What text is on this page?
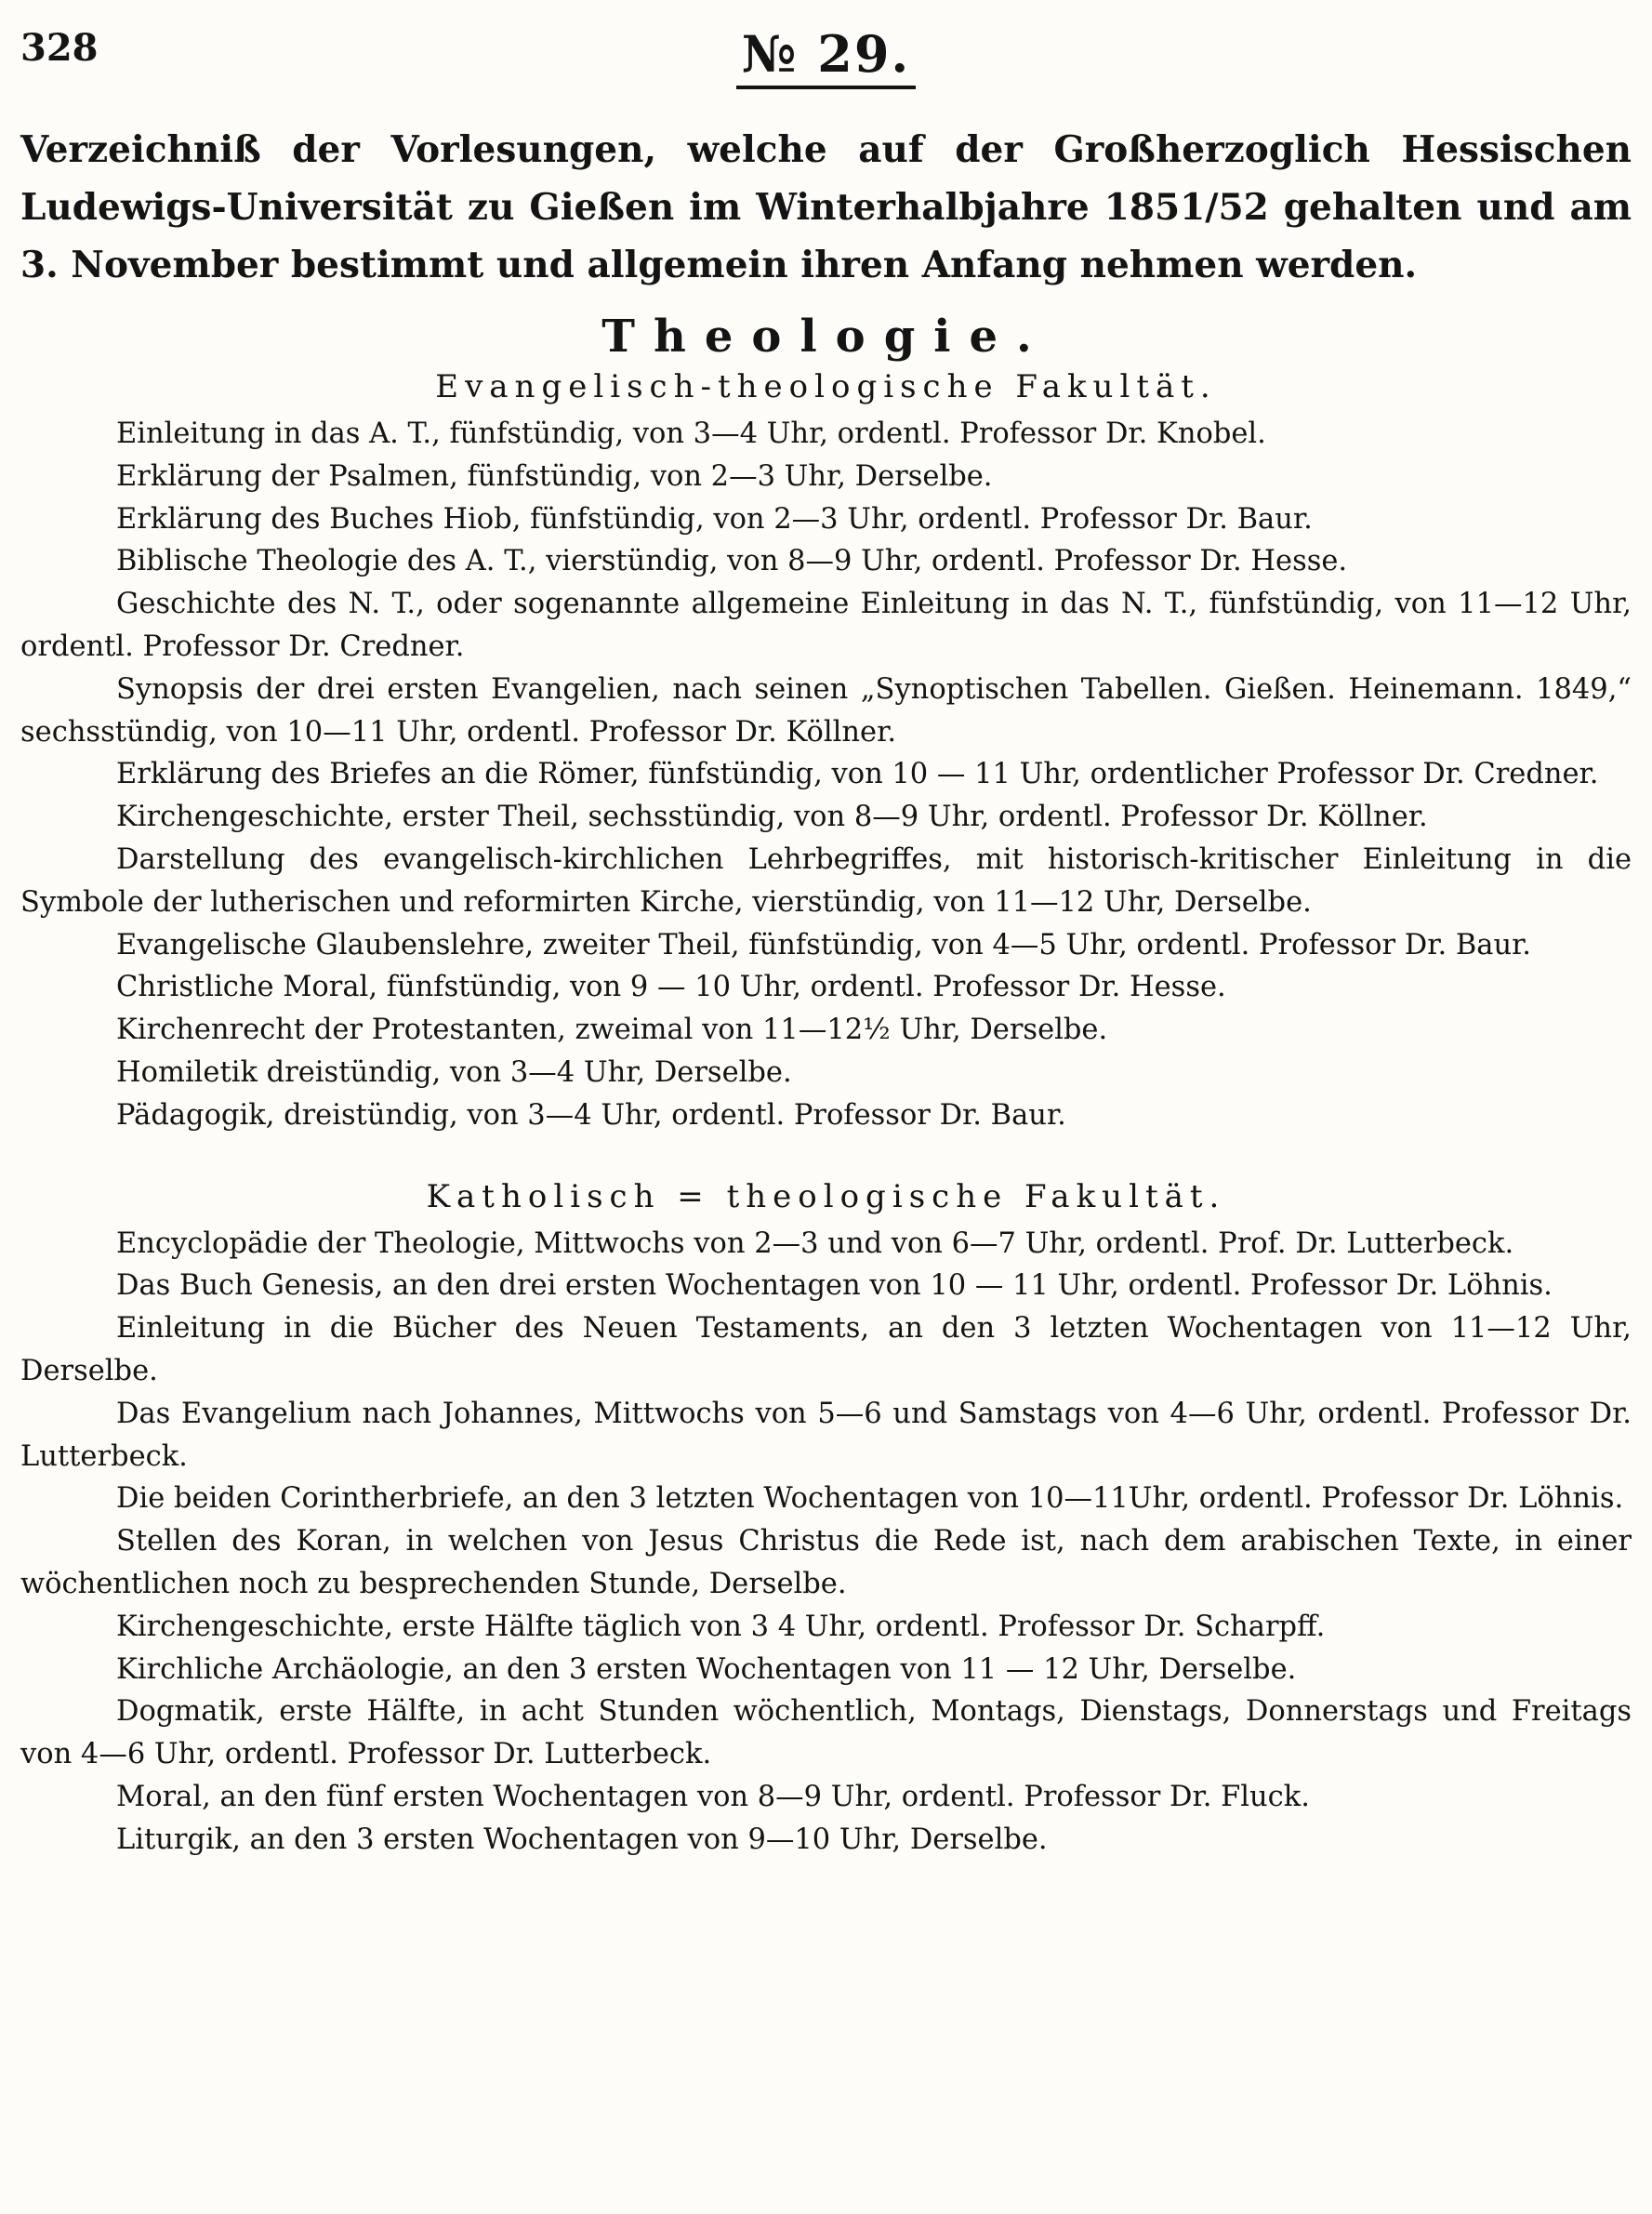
328	№ 29.

Verzeichniß der Vorlesungen, welche auf der Großherzoglich Hessischen Ludewigs-Universität zu Gießen im Winterhalbjahre 1851/52 gehalten und am 3. November bestimmt und allgemein ihren Anfang nehmen werden.

Theologie.
Evangelisch-theologische Fakultät.

Einleitung in das A. T., fünfstündig, von 3—4 Uhr, ordentl. Professor Dr. Knobel.

Erklärung der Psalmen, fünfstündig, von 2—3 Uhr, Derselbe.

Erklärung des Buches Hiob, fünfstündig, von 2—3 Uhr, ordentl. Professor Dr. Baur.

Biblische Theologie des A. T., vierstündig, von 8—9 Uhr, ordentl. Professor Dr. Hesse.

Geschichte des N. T., oder sogenannte allgemeine Einleitung in das N. T., fünfstündig, von 11—12 Uhr, ordentl. Professor Dr. Credner.

Synopsis der drei ersten Evangelien, nach seinen „Synoptischen Tabellen. Gießen. Heinemann. 1849,“ sechsstündig, von 10—11 Uhr, ordentl. Professor Dr. Köllner.

Erklärung des Briefes an die Römer, fünfstündig, von 10 — 11 Uhr, ordentlicher Professor Dr. Credner.

Kirchengeschichte, erster Theil, sechsstündig, von 8—9 Uhr, ordentl. Professor Dr. Köllner.

Darstellung des evangelisch-kirchlichen Lehrbegriffes, mit historisch-kritischer Einleitung in die Symbole der lutherischen und reformirten Kirche, vierstündig, von 11—12 Uhr, Derselbe.

Evangelische Glaubenslehre, zweiter Theil, fünfstündig, von 4—5 Uhr, ordentl. Professor Dr. Baur.

Christliche Moral, fünfstündig, von 9 — 10 Uhr, ordentl. Professor Dr. Hesse.

Kirchenrecht der Protestanten, zweimal von 11—12½ Uhr, Derselbe.

Homiletik dreistündig, von 3—4 Uhr, Derselbe.

Pädagogik, dreistündig, von 3—4 Uhr, ordentl. Professor Dr. Baur.

Katholisch = theologische Fakultät.

Encyclopädie der Theologie, Mittwochs von 2—3 und von 6—7 Uhr, ordentl. Prof. Dr. Lutterbeck.

Das Buch Genesis, an den drei ersten Wochentagen von 10 — 11 Uhr, ordentl. Professor Dr. Löhnis.

Einleitung in die Bücher des Neuen Testaments, an den 3 letzten Wochentagen von 11—12 Uhr, Derselbe.

Das Evangelium nach Johannes, Mittwochs von 5—6 und Samstags von 4—6 Uhr, ordentl. Professor Dr. Lutterbeck.

Die beiden Corintherbriefe, an den 3 letzten Wochentagen von 10—11Uhr, ordentl. Professor Dr. Löhnis.

Stellen des Koran, in welchen von Jesus Christus die Rede ist, nach dem arabischen Texte, in einer wöchentlichen noch zu besprechenden Stunde, Derselbe.

Kirchengeschichte, erste Hälfte täglich von 3 4 Uhr, ordentl. Professor Dr. Scharpff.

Kirchliche Archäologie, an den 3 ersten Wochentagen von 11 — 12 Uhr, Derselbe.

Dogmatik, erste Hälfte, in acht Stunden wöchentlich, Montags, Dienstags, Donnerstags und Freitags von 4—6 Uhr, ordentl. Professor Dr. Lutterbeck.

Moral, an den fünf ersten Wochentagen von 8—9 Uhr, ordentl. Professor Dr. Fluck.

Liturgik, an den 3 ersten Wochentagen von 9—10 Uhr, Derselbe.
